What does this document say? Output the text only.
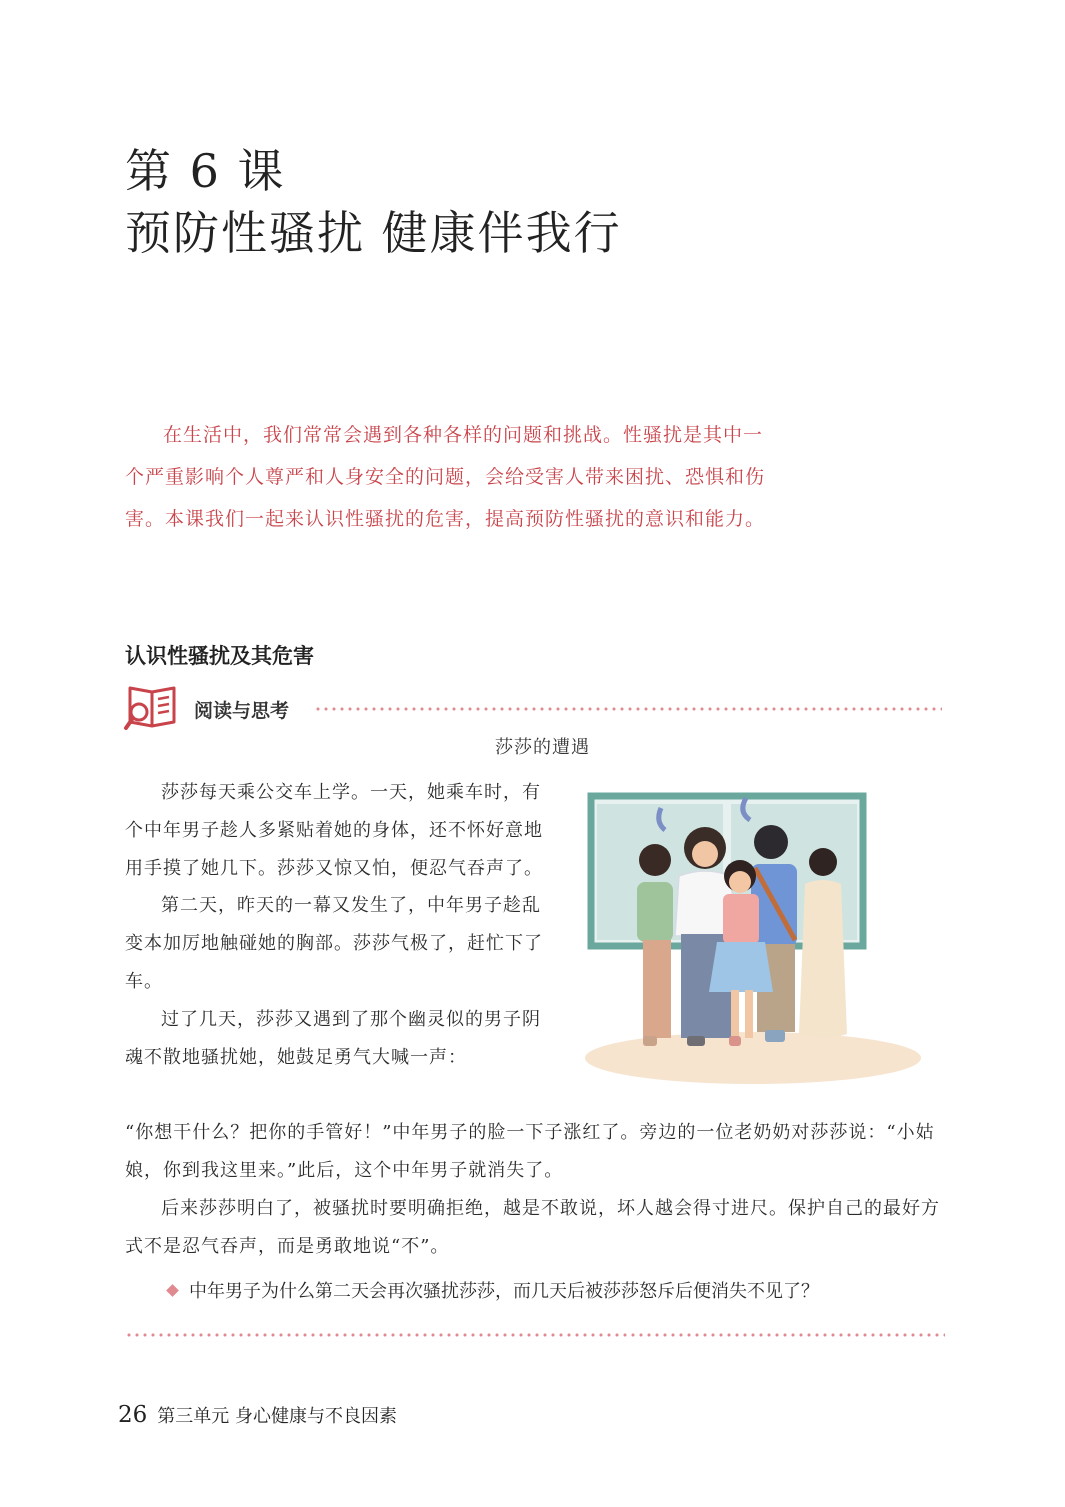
第 6 课
预防性骚扰 健康伴我行

在生活中，我们常常会遇到各种各样的问题和挑战。性骚扰是其中一个严重影响个人尊严和人身安全的问题，会给受害人带来困扰、恐惧和伤害。本课我们一起来认识性骚扰的危害，提高预防性骚扰的意识和能力。

认识性骚扰及其危害
阅读与思考
莎莎的遭遇

莎莎每天乘公交车上学。一天，她乘车时，有个中年男子趁人多紧贴着她的身体，还不怀好意地用手摸了她几下。莎莎又惊又怕，便忍气吞声了。

第二天，昨天的一幕又发生了，中年男子趁乱变本加厉地触碰她的胸部。莎莎气极了，赶忙下了车。

过了几天，莎莎又遇到了那个幽灵似的男子阴魂不散地骚扰她，她鼓足勇气大喊一声：

“你想干什么？把你的手管好！”中年男子的脸一下子涨红了。旁边的一位老奶奶对莎莎说：“小姑娘，你到我这里来。”此后，这个中年男子就消失了。

后来莎莎明白了，被骚扰时要明确拒绝，越是不敢说，坏人越会得寸进尺。保护自己的最好方式不是忍气吞声，而是勇敢地说“不”。

中年男子为什么第二天会再次骚扰莎莎，而几天后被莎莎怒斥后便消失不见了？
26 第三单元 身心健康与不良因素
